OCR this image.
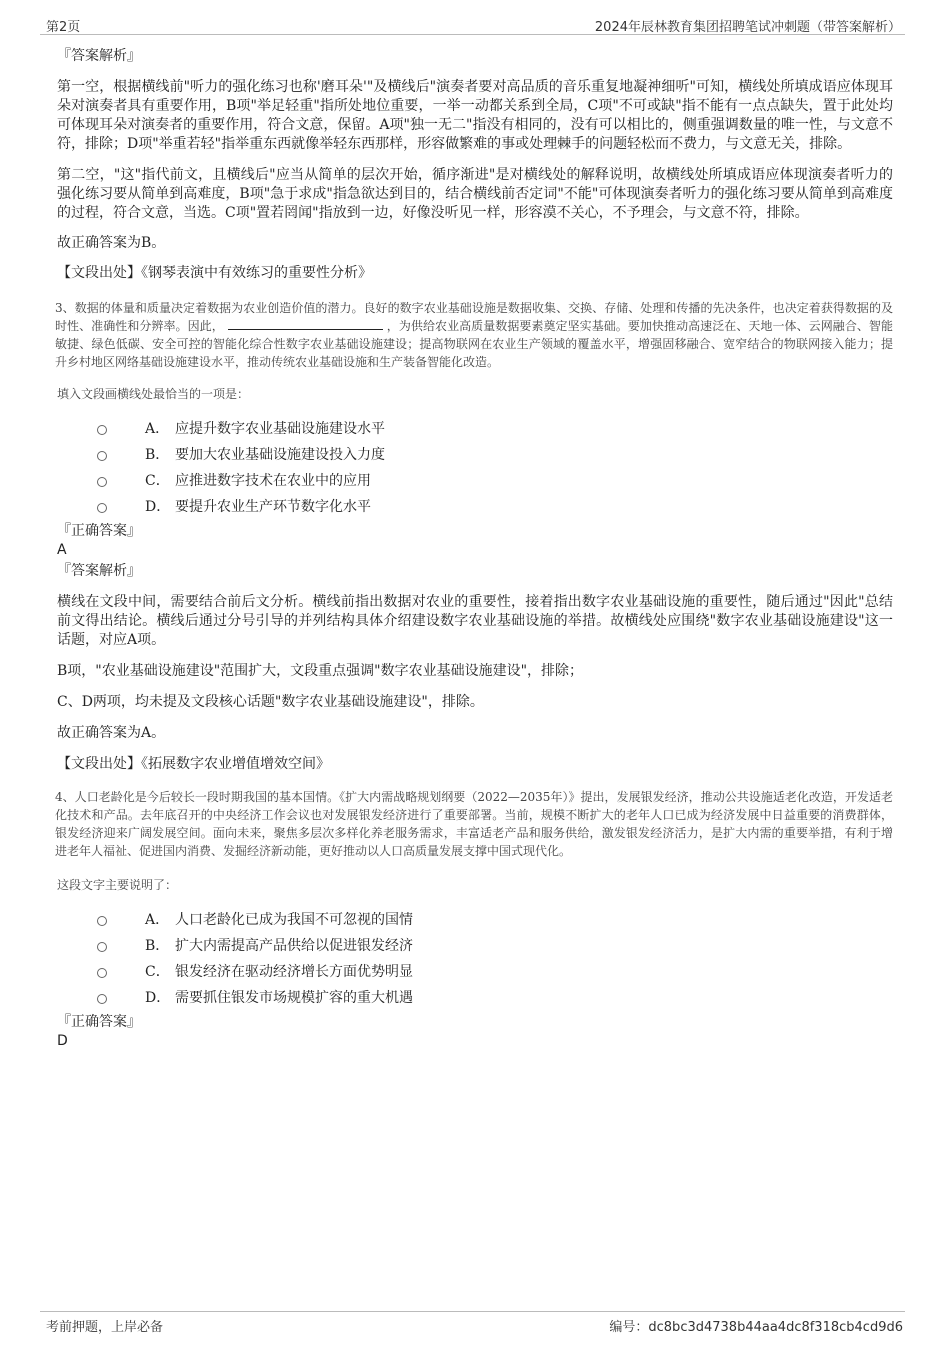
第2页	2024年辰林教育集团招聘笔试冲刺题（带答案解析）

『答案解析』

第一空，根据横线前"听力的强化练习也称'磨耳朵'"及横线后"演奏者要对高品质的音乐重复地凝神细听"可知，横线处所填成语应体现耳朵对演奏者具有重要作用，B项"举足轻重"指所处地位重要，一举一动都关系到全局，C项"不可或缺"指不能有一点点缺失，置于此处均可体现耳朵对演奏者的重要作用，符合文意，保留。A项"独一无二"指没有相同的，没有可以相比的，侧重强调数量的唯一性，与文意不符，排除；D项"举重若轻"指举重东西就像举轻东西那样，形容做繁难的事或处理棘手的问题轻松而不费力，与文意无关，排除。

第二空，"这"指代前文，且横线后"应当从简单的层次开始，循序渐进"是对横线处的解释说明，故横线处所填成语应体现演奏者听力的强化练习要从简单到高难度，B项"急于求成"指急欲达到目的，结合横线前否定词"不能"可体现演奏者听力的强化练习要从简单到高难度的过程，符合文意，当选。C项"置若罔闻"指放到一边，好像没听见一样，形容漠不关心，不予理会，与文意不符，排除。

故正确答案为B。

【文段出处】《钢琴表演中有效练习的重要性分析》

3、数据的体量和质量决定着数据为农业创造价值的潜力。良好的数字农业基础设施是数据收集、交换、存储、处理和传播的先决条件，也决定着获得数据的及时性、准确性和分辨率。因此，	，为供给农业高质量数据要素奠定坚实基础。要加快推动高速泛在、天地一体、云网融合、智能敏捷、绿色低碳、安全可控的智能化综合性数字农业基础设施建设；提高物联网在农业生产领域的覆盖水平，增强固移融合、宽窄结合的物联网接入能力；提升乡村地区网络基础设施建设水平，推动传统农业基础设施和生产装备智能化改造。

填入文段画横线处最恰当的一项是：

A． 应提升数字农业基础设施建设水平
B． 要加大农业基础设施建设投入力度
C． 应推进数字技术在农业中的应用
D． 要提升农业生产环节数字化水平

『正确答案』

A

『答案解析』

横线在文段中间，需要结合前后文分析。横线前指出数据对农业的重要性，接着指出数字农业基础设施的重要性，随后通过"因此"总结前文得出结论。横线后通过分号引导的并列结构具体介绍建设数字农业基础设施的举措。故横线处应围绕"数字农业基础设施建设"这一话题，对应A项。

B项，"农业基础设施建设"范围扩大，文段重点强调"数字农业基础设施建设"，排除；

C、D两项，均未提及文段核心话题"数字农业基础设施建设"，排除。

故正确答案为A。

【文段出处】《拓展数字农业增值增效空间》

4、人口老龄化是今后较长一段时期我国的基本国情。《扩大内需战略规划纲要（2022—2035年）》提出，发展银发经济，推动公共设施适老化改造，开发适老化技术和产品。去年底召开的中央经济工作会议也对发展银发经济进行了重要部署。当前，规模不断扩大的老年人口已成为经济发展中日益重要的消费群体，银发经济迎来广阔发展空间。面向未来，聚焦多层次多样化养老服务需求，丰富适老产品和服务供给，激发银发经济活力，是扩大内需的重要举措，有利于增进老年人福祉、促进国内消费、发掘经济新动能，更好推动以人口高质量发展支撑中国式现代化。

这段文字主要说明了：

A． 人口老龄化已成为我国不可忽视的国情
B． 扩大内需提高产品供给以促进银发经济
C． 银发经济在驱动经济增长方面优势明显
D． 需要抓住银发市场规模扩容的重大机遇

『正确答案』

D

考前押题，上岸必备	编号：dc8bc3d4738b44aa4dc8f318cb4cd9d6
